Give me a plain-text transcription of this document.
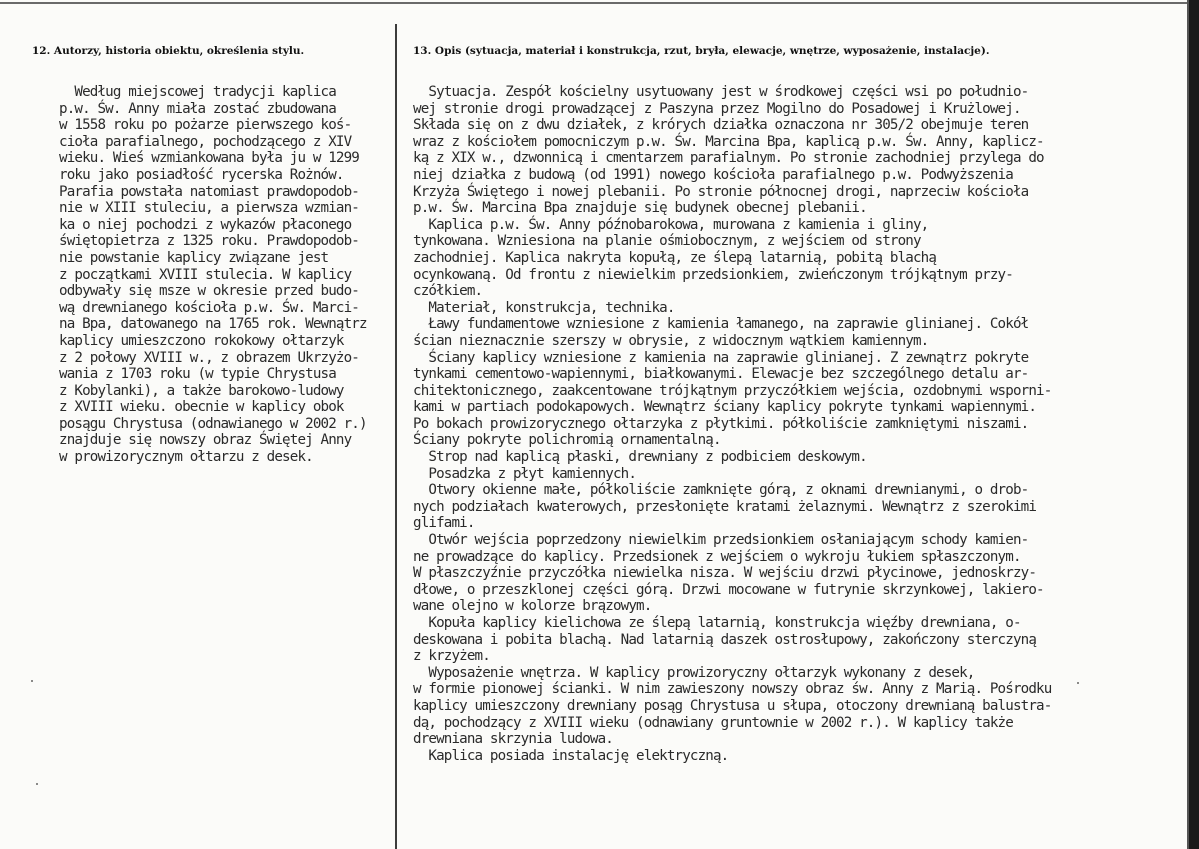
12. Autorzy, historia obiektu, określenia stylu.	13. Opis (sytuacja, materiał i konstrukcja, rzut, bryła, elewacje, wnętrze, wyposażenie, instalacje).
Według miejscowej tradycji kaplica
p.w. Św. Anny miała zostać zbudowana
w 1558 roku po pożarze pierwszego koś-
cioła parafialnego, pochodzącego z XIV
wieku. Wieś wzmiankowana była ju w 1299
roku jako posiadłość rycerska Rożnów.
Parafia powstała natomiast prawdopodob-
nie w XIII stuleciu, a pierwsza wzmian-
ka o niej pochodzi z wykazów płaconego
świętopietrza z 1325 roku. Prawdopodob-
nie powstanie kaplicy związane jest
z początkami XVIII stulecia. W kaplicy
odbywały się msze w okresie przed budo-
wą drewnianego kościoła p.w. Św. Marci-
na Bpa, datowanego na 1765 rok. Wewnątrz
kaplicy umieszczono rokokowy ołtarzyk
z 2 połowy XVIII w., z obrazem Ukrzyżo-
wania z 1703 roku (w typie Chrystusa
z Kobylanki), a także barokowo-ludowy
z XVIII wieku. obecnie w kaplicy obok
posągu Chrystusa (odnawianego w 2002 r.)
znajduje się nowszy obraz Świętej Anny
w prowizorycznym ołtarzu z desek.
Sytuacja. Zespół kościelny usytuowany jest w środkowej części wsi po południo-
wej stronie drogi prowadzącej z Paszyna przez Mogilno do Posadowej i Krużlowej.
Składa się on z dwu działek, z krórych działka oznaczona nr 305/2 obejmuje teren
wraz z kościołem pomocniczym p.w. Św. Marcina Bpa, kaplicą p.w. Św. Anny, kaplicz-
ką z XIX w., dzwonnicą i cmentarzem parafialnym. Po stronie zachodniej przylega do
niej działka z budową (od 1991) nowego kościoła parafialnego p.w. Podwyższenia
Krzyża Świętego i nowej plebanii. Po stronie północnej drogi, naprzeciw kościoła
p.w. Św. Marcina Bpa znajduje się budynek obecnej plebanii.
Kaplica p.w. Św. Anny późnobarokowa, murowana z kamienia i gliny,
tynkowana. Wzniesiona na planie ośmiobocznym, z wejściem od strony
zachodniej. Kaplica nakryta kopułą, ze ślepą latarnią, pobitą blachą
ocynkowaną. Od frontu z niewielkim przedsionkiem, zwieńczonym trójkątnym przy-
czółkiem.
Materiał, konstrukcja, technika.
Ławy fundamentowe wzniesione z kamienia łamanego, na zaprawie glinianej. Cokół
ścian nieznacznie szerszy w obrysie, z widocznym wątkiem kamiennym.
Ściany kaplicy wzniesione z kamienia na zaprawie glinianej. Z zewnątrz pokryte
tynkami cementowo-wapiennymi, białkowanymi. Elewacje bez szczególnego detalu ar-
chitektonicznego, zaakcentowane trójkątnym przyczółkiem wejścia, ozdobnymi wsporni-
kami w partiach podokapowych. Wewnątrz ściany kaplicy pokryte tynkami wapiennymi.
Po bokach prowizorycznego ołtarzyka z płytkimi. półkoliście zamkniętymi niszami.
Ściany pokryte polichromią ornamentalną.
Strop nad kaplicą płaski, drewniany z podbiciem deskowym.
Posadzka z płyt kamiennych.
Otwory okienne małe, półkoliście zamknięte górą, z oknami drewnianymi, o drob-
nych podziałach kwaterowych, przesłonięte kratami żelaznymi. Wewnątrz z szerokimi
glifami.
Otwór wejścia poprzedzony niewielkim przedsionkiem osłaniającym schody kamien-
ne prowadzące do kaplicy. Przedsionek z wejściem o wykroju łukiem spłaszczonym.
W płaszczyźnie przyczółka niewielka nisza. W wejściu drzwi płycinowe, jednoskrzy-
dłowe, o przeszklonej części górą. Drzwi mocowane w futrynie skrzynkowej, lakiero-
wane olejno w kolorze brązowym.
Kopuła kaplicy kielichowa ze ślepą latarnią, konstrukcja więźby drewniana, o-
deskowana i pobita blachą. Nad latarnią daszek ostrosłupowy, zakończony sterczyną
z krzyżem.
Wyposażenie wnętrza. W kaplicy prowizoryczny ołtarzyk wykonany z desek,
w formie pionowej ścianki. W nim zawieszony nowszy obraz św. Anny z Marią. Pośrodku
kaplicy umieszczony drewniany posąg Chrystusa u słupa, otoczony drewnianą balustra-
dą, pochodzący z XVIII wieku (odnawiany gruntownie w 2002 r.). W kaplicy także
drewniana skrzynia ludowa.
Kaplica posiada instalację elektryczną.
